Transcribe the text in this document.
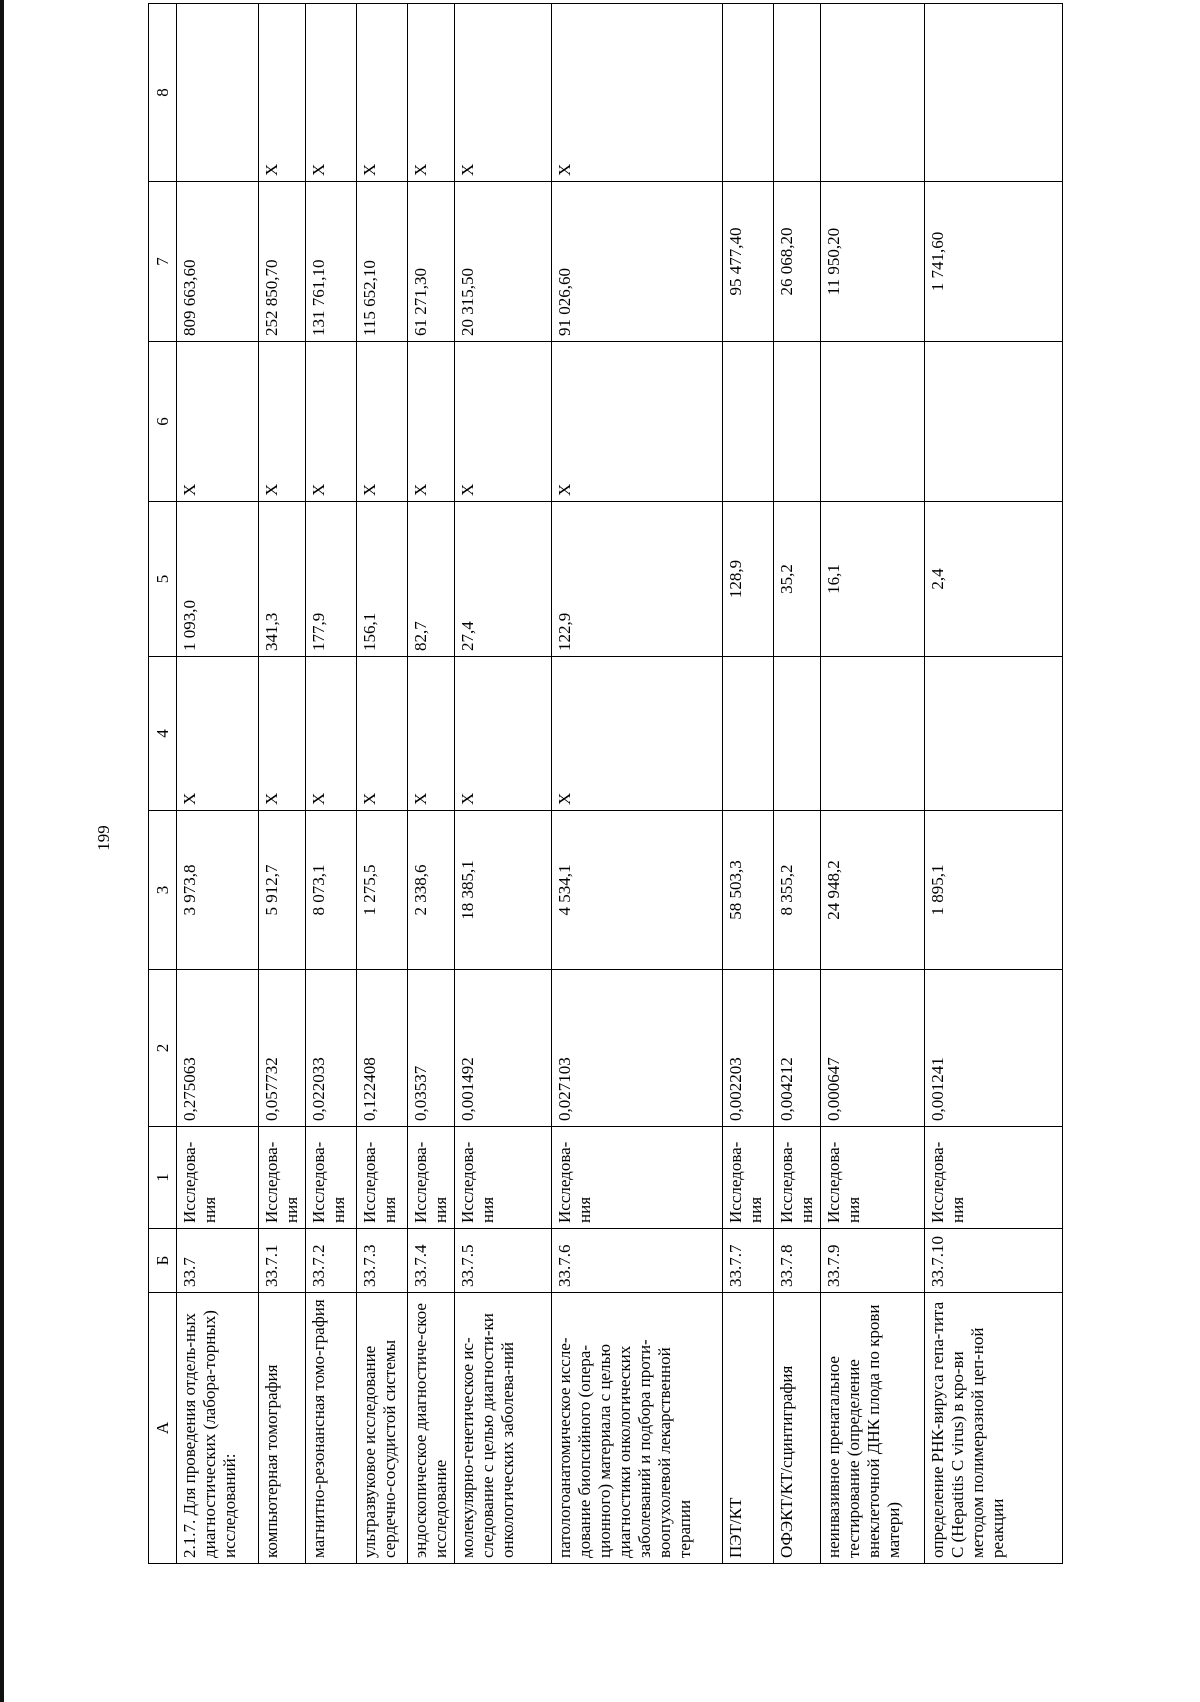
199
A	Б	1	2	3	4	5	6	7	8
2.1.7. Для проведения отдель-ных диагностических (лабора-торных) исследований:	33.7	Исследова-ния	0,275063	3 973,8	X	1 093,0	X	809 663,60	
компьютерная томография	33.7.1	Исследова-ния	0,057732	5 912,7	X	341,3	X	252 850,70	X
магнитно-резонансная томо-графия	33.7.2	Исследова-ния	0,022033	8 073,1	X	177,9	X	131 761,10	X
ультразвуковое исследование сердечно-сосудистой системы	33.7.3	Исследова-ния	0,122408	1 275,5	X	156,1	X	115 652,10	X
эндоскопическое диагностиче-ское исследование	33.7.4	Исследова-ния	0,03537	2 338,6	X	82,7	X	61 271,30	X
молекулярно-генетическое ис-следование с целью диагности-ки онкологических заболева-ний	33.7.5	Исследова-ния	0,001492	18 385,1	X	27,4	X	20 315,50	X
патологоанатомическое иссле-дование биопсийного (опера-ционного) материала с целью диагностики онкологических заболеваний и подбора проти-воопухолевой лекарственной терапии	33.7.6	Исследова-ния	0,027103	4 534,1	X	122,9	X	91 026,60	X
ПЭТ/КТ	33.7.7	Исследова-ния	0,002203	58 503,3		128,9		95 477,40	
ОФЭКТ/КТ/сцинтиграфия	33.7.8	Исследова-ния	0,004212	8 355,2		35,2		26 068,20	
неинвазивное пренатальное тестирование (определение внеклеточной ДНК плода по крови матери)	33.7.9	Исследова-ния	0,000647	24 948,2		16,1		11 950,20	
определение РНК-вируса гепа-тита С (Hepatitis C virus) в кро-ви методом полимеразной цеп-ной реакции	33.7.10	Исследова-ния	0,001241	1 895,1		2,4		1 741,60	
